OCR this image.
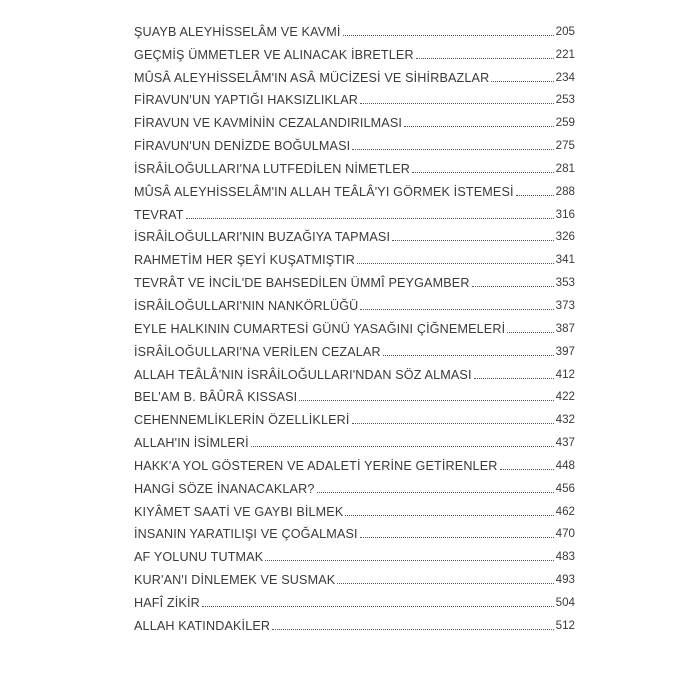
ŞUAYB ALEYHİSSELÂM VE KAVMİ	205
GEÇMİŞ ÜMMETLER VE ALINACAK İBRETLER	221
MÛSÂ ALEYHİSSELÂM'IN ASÂ MÜCİZESİ VE SİHİRBAZLAR	234
FİRAVUN'UN YAPTIĞI HAKSIZLIKLAR	253
FİRAVUN VE KAVMİNİN CEZALANDIRILMASI	259
FİRAVUN'UN DENİZDE BOĞULMASI	275
İSRÂİLOĞULLARI'NA LUTFEDİLEN NİMETLER	281
MÛSÂ ALEYHİSSELÂM'IN ALLAH TEÂLÂ'YI GÖRMEK İSTEMESİ	288
TEVRAT	316
İSRÂİLOĞULLARI'NIN BUZAĞIYA TAPMASI	326
RAHMETİM HER ŞEYİ KUŞATMIŞTIR	341
TEVRÂT VE İNCİL'DE BAHSEDİLEN ÜMMÎ PEYGAMBER	353
İSRÂİLOĞULLARI'NIN NANKÖRLÜĞÜ	373
EYLE HALKININ CUMARTESİ GÜNÜ YASAĞINI ÇİĞNEMELERİ	387
İSRÂİLOĞULLARI'NA VERİLEN CEZALAR	397
ALLAH TEÂLÂ'NIN İSRÂİLOĞULLARI'NDAN SÖZ ALMASI	412
BEL'AM B. BÂÛRÂ KISSASI	422
CEHENNEMLİKLERİN ÖZELLİKLERİ	432
ALLAH'IN İSİMLERİ	437
HAKK'A YOL GÖSTEREN VE ADALETİ YERİNE GETİRENLER	448
HANGİ SÖZE İNANACAKLAR?	456
KIYÂMET SAATİ VE GAYBI BİLMEK	462
İNSANIN YARATILIŞI VE ÇOĞALMASI	470
AF YOLUNU TUTMAK	483
KUR'AN'I DİNLEMEK VE SUSMAK	493
HAFÎ ZİKİR	504
ALLAH KATINDAKİLER	512
